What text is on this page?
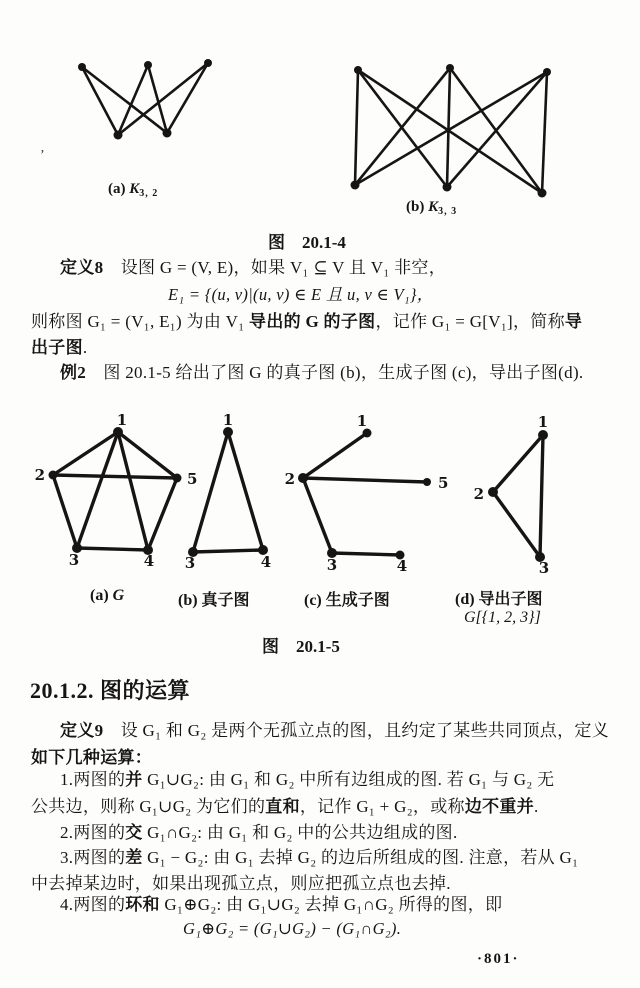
(a) $K_{3, 2}$
(b) $K_{3, 3}$
图　20.1-4
’
定义8　设图 G = (V, E)，如果 V₁ ⊆ V 且 V₁ 非空，
E₁ = {(u, v)|(u, v) ∈ E 且 u, v ∈ V₁}，
则称图 G₁ = (V₁, E₁) 为由 V₁ 导出的 G 的子图，记作 G₁ = G[V₁]，简称导
出子图.
例2　图 20.1-5 给出了图 G 的真子图 (b)，生成子图 (c)，导出子图(d).
1
2	5
3	4
1
3	4
1
2	5
3	4
1
2
3
(a) G	(b) 真子图	(c) 生成子图	(d) 导出子图
G[{1, 2, 3}]
图　20.1-5
20.1.2. 图的运算
定义9　设 G₁ 和 G₂ 是两个无孤立点的图，且约定了某些共同顶点，定义
如下几种运算：
1.两图的并 G₁∪G₂: 由 G₁ 和 G₂ 中所有边组成的图. 若 G₁ 与 G₂ 无
公共边，则称 G₁∪G₂ 为它们的直和，记作 G₁ + G₂，或称边不重并.
2.两图的交 G₁∩G₂: 由 G₁ 和 G₂ 中的公共边组成的图.
3.两图的差 G₁ − G₂: 由 G₁ 去掉 G₂ 的边后所组成的图. 注意，若从 G₁
中去掉某边时，如果出现孤立点，则应把孤立点也去掉.
4.两图的环和 G₁⊕G₂: 由 G₁∪G₂ 去掉 G₁∩G₂ 所得的图，即
G₁⊕G₂ = (G₁∪G₂) − (G₁∩G₂).
·801·
